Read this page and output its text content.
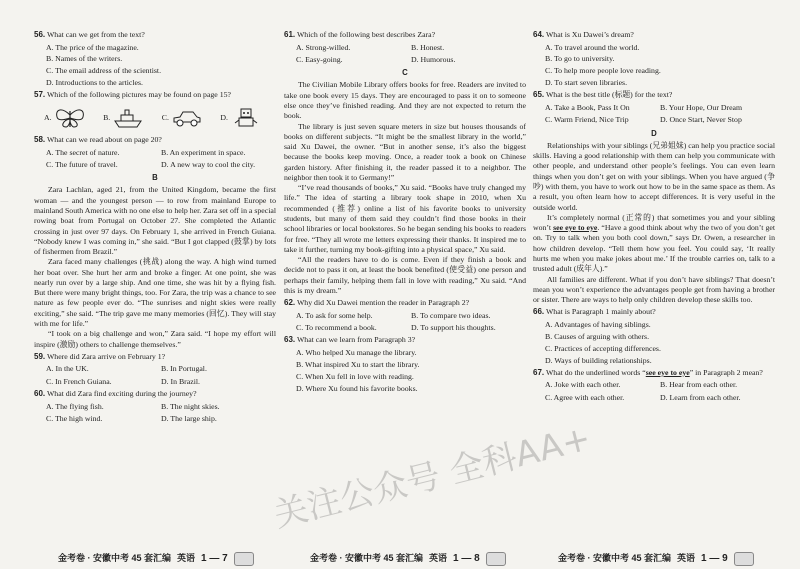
56. What can we get from the text?
A. The price of the magazine.
B. Names of the writers.
C. The email address of the scientist.
D. Introductions to the articles.
57. Which of the following pictures may be found on page 15?
A.	B.	C.	D.
58. What can we read about on page 20?
A. The secret of nature.	B. An experiment in space.
C. The future of travel.	D. A new way to cool the city.
B

Zara Lachlan, aged 21, from the United Kingdom, became the first woman — and the youngest person — to row from mainland Europe to mainland South America with no one else to help her. Zara set off in a special rowing boat from Portugal on October 27. She completed the Atlantic crossing in just over 97 days. On February 1, she arrived in French Guiana. “Nobody knew I was coming in,” she said. “But I got clapped (鼓掌) by lots of fishermen from Brazil.”

Zara faced many challenges (挑战) along the way. A high wind turned her boat over. She hurt her arm and broke a finger. At one point, she was nearly run over by a large ship. And one time, she was hit by a flying fish. But there were many bright things, too. For Zara, the trip was a chance to see nature as few people ever do. “The sunrises and night skies were really exciting,” she said. “The trip gave me many memories (回忆). They will stay with me for life.”

“I took on a big challenge and won,” Zara said. “I hope my effort will inspire (激励) others to challenge themselves.”

59. Where did Zara arrive on February 1?
A. In the UK.	B. In Portugal.
C. In French Guiana.	D. In Brazil.
60. What did Zara find exciting during the journey?
A. The flying fish.	B. The night skies.
C. The high wind.	D. The large ship.
61. Which of the following best describes Zara?
A. Strong-willed.	B. Honest.
C. Easy-going.	D. Humorous.
C

The Civilian Mobile Library offers books for free. Readers are invited to take one book every 15 days. They are encouraged to pass it on to someone else once they’ve finished reading. And they are not expected to return the book.

The library is just seven square meters in size but houses thousands of books on different subjects. “It might be the smallest library in the world,” said Xu Dawei, the owner. “But in another sense, it’s also the biggest because the books keep moving. Once, a reader took a book on Chinese garden history. After finishing it, the reader passed it to a neighbor. The neighbor then took it to Germany!”

“I’ve read thousands of books,” Xu said. “Books have truly changed my life.” The idea of starting a library took shape in 2010, when Xu recommended (推荐) online a list of his favorite books to university students, but many of them said they couldn’t find those books in their school libraries or local bookstores. So he began sending his books to readers for free. “They all wrote me letters expressing their thanks. It inspired me to take it further, turning my book-gifting into a physical space,” Xu said.

“All the readers have to do is come. Even if they finish a book and decide not to pass it on, at least the book benefited (使受益) one person and perhaps their family, helping them fall in love with reading,” Xu said. “And this is my dream.”

62. Why did Xu Dawei mention the reader in Paragraph 2?
A. To ask for some help.	B. To compare two ideas.
C. To recommend a book.	D. To support his thoughts.
63. What can we learn from Paragraph 3?
A. Who helped Xu manage the library.
B. What inspired Xu to start the library.
C. When Xu fell in love with reading.
D. Where Xu found his favorite books.
64. What is Xu Dawei’s dream?
A. To travel around the world.
B. To go to university.
C. To help more people love reading.
D. To start seven libraries.
65. What is the best title (标题) for the text?
A. Take a Book, Pass It On	B. Your Hope, Our Dream
C. Warm Friend, Nice Trip	D. Once Start, Never Stop
D

Relationships with your siblings (兄弟姐妹) can help you practice social skills. Having a good relationship with them can help you communicate with other people, and understand other people’s feelings. You can even learn things when you don’t get on with your siblings. When you have argued (争吵) with them, you have to work out how to be in the same space as them. As a result, you often learn how to accept differences. It is very useful in the outside world.

It’s completely normal (正常的) that sometimes you and your sibling won’t see eye to eye. “Have a good think about why the two of you don’t get on. Try to talk when you both cool down,” says Dr. Owen, a researcher in how children develop. “Tell them how you feel. You could say, ‘It really hurts me when you make jokes about me.’ If the trouble carries on, talk to a trusted adult (成年人).”

All families are different. What if you don’t have siblings? That doesn’t mean you won’t experience the advantages people get from having a brother or sister. There are ways to help only children develop these skills too.

66. What is Paragraph 1 mainly about?
A. Advantages of having siblings.
B. Causes of arguing with others.
C. Practices of accepting differences.
D. Ways of building relationships.
67. What do the underlined words “see eye to eye” in Paragraph 2 mean?
A. Joke with each other.	B. Hear from each other.
C. Agree with each other.	D. Learn from each other.
金考卷 · 安徽中考 45 套汇编 英语 1 — 7	金考卷 · 安徽中考 45 套汇编 英语 1 — 8	金考卷 · 安徽中考 45 套汇编 英语 1 — 9
关注公众号 全科AA+
